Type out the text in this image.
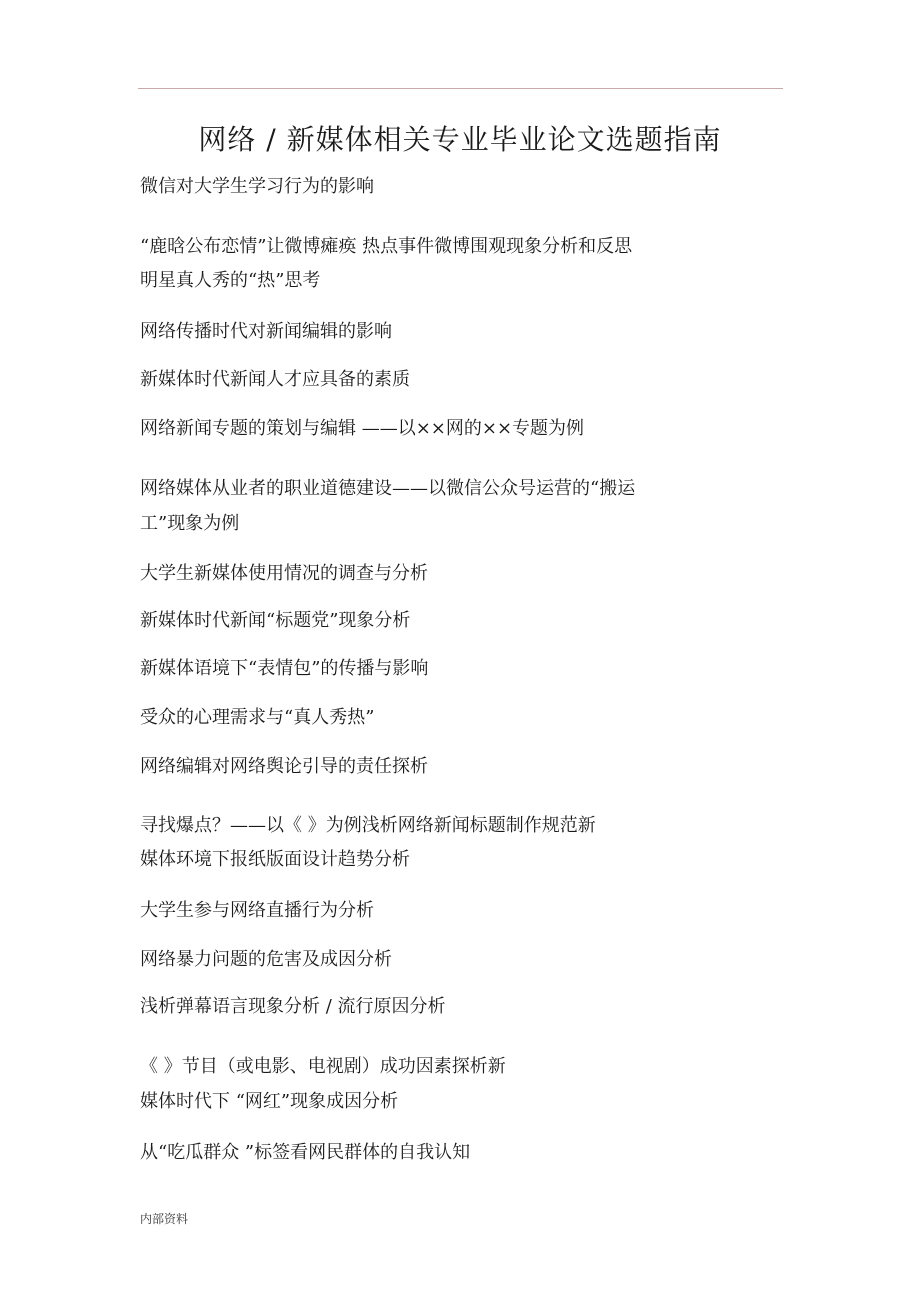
网络 / 新媒体相关专业毕业论文选题指南

微信对大学生学习行为的影响

“鹿晗公布恋情”让微博瘫痪 热点事件微博围观现象分析和反思

明星真人秀的“热”思考

网络传播时代对新闻编辑的影响

新媒体时代新闻人才应具备的素质

网络新闻专题的策划与编辑 ——以××网的××专题为例

网络媒体从业者的职业道德建设——以微信公众号运营的“搬运

工”现象为例

大学生新媒体使用情况的调查与分析

新媒体时代新闻“标题党”现象分析

新媒体语境下“表情包”的传播与影响

受众的心理需求与“真人秀热”

网络编辑对网络舆论引导的责任探析

寻找爆点？——以《 》为例浅析网络新闻标题制作规范新

媒体环境下报纸版面设计趋势分析

大学生参与网络直播行为分析

网络暴力问题的危害及成因分析

浅析弹幕语言现象分析 / 流行原因分析

《 》节目（或电影、电视剧）成功因素探析新

媒体时代下 “网红”现象成因分析

从“吃瓜群众 ”标签看网民群体的自我认知

内部资料
